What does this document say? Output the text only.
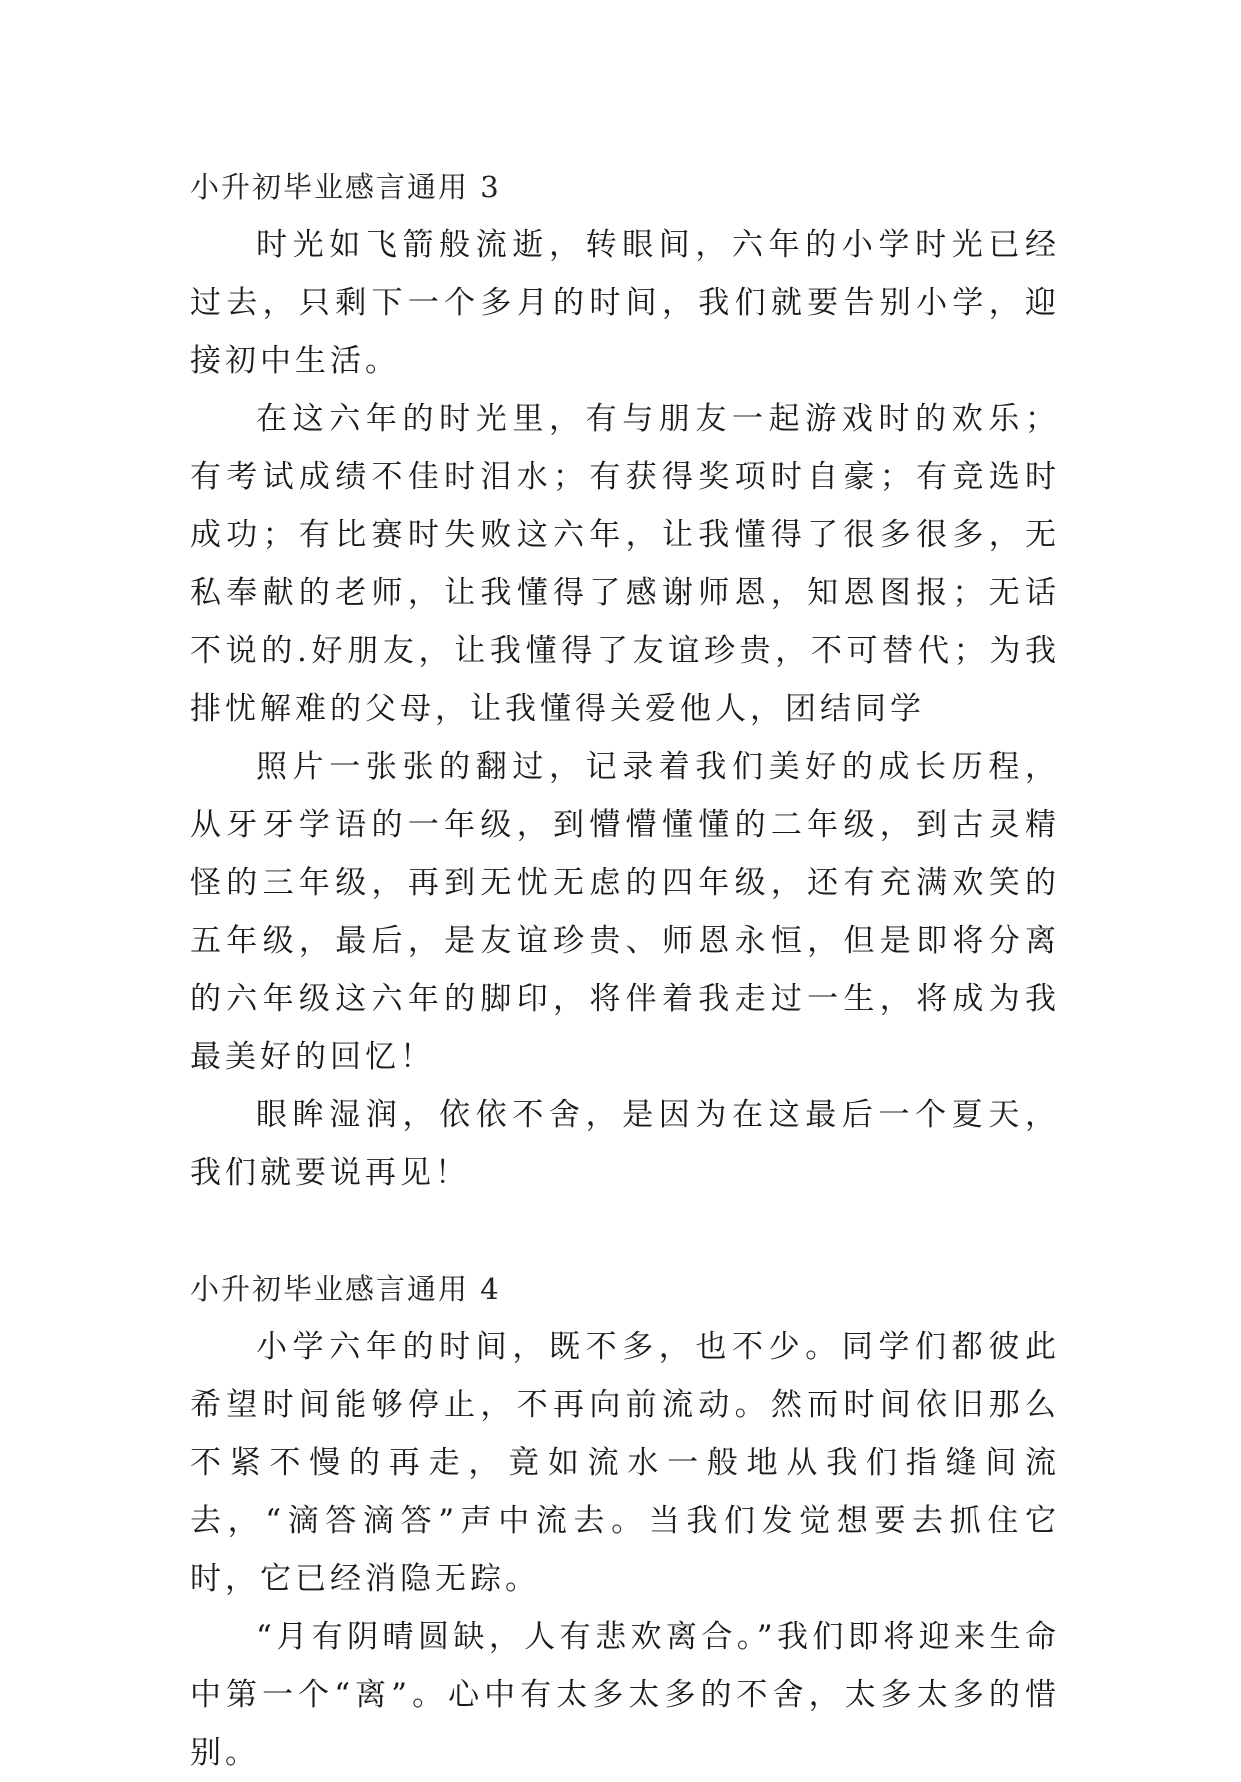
小升初毕业感言通用 3

时光如飞箭般流逝，转眼间，六年的小学时光已经过去，只剩下一个多月的时间，我们就要告别小学，迎接初中生活。

在这六年的时光里，有与朋友一起游戏时的欢乐；有考试成绩不佳时泪水；有获得奖项时自豪；有竞选时成功；有比赛时失败这六年，让我懂得了很多很多，无私奉献的老师，让我懂得了感谢师恩，知恩图报；无话不说的.好朋友，让我懂得了友谊珍贵，不可替代；为我排忧解难的父母，让我懂得关爱他人，团结同学

照片一张张的翻过，记录着我们美好的成长历程，从牙牙学语的一年级，到懵懵懂懂的二年级，到古灵精怪的三年级，再到无忧无虑的四年级，还有充满欢笑的五年级，最后，是友谊珍贵、师恩永恒，但是即将分离的六年级这六年的脚印，将伴着我走过一生，将成为我最美好的回忆！

眼眸湿润，依依不舍，是因为在这最后一个夏天，我们就要说再见！

小升初毕业感言通用 4

小学六年的时间，既不多，也不少。同学们都彼此希望时间能够停止，不再向前流动。然而时间依旧那么不紧不慢的再走，竟如流水一般地从我们指缝间流去，“滴答滴答”声中流去。当我们发觉想要去抓住它时，它已经消隐无踪。

“月有阴晴圆缺，人有悲欢离合。”我们即将迎来生命中第一个“离”。心中有太多太多的不舍，太多太多的惜别。
